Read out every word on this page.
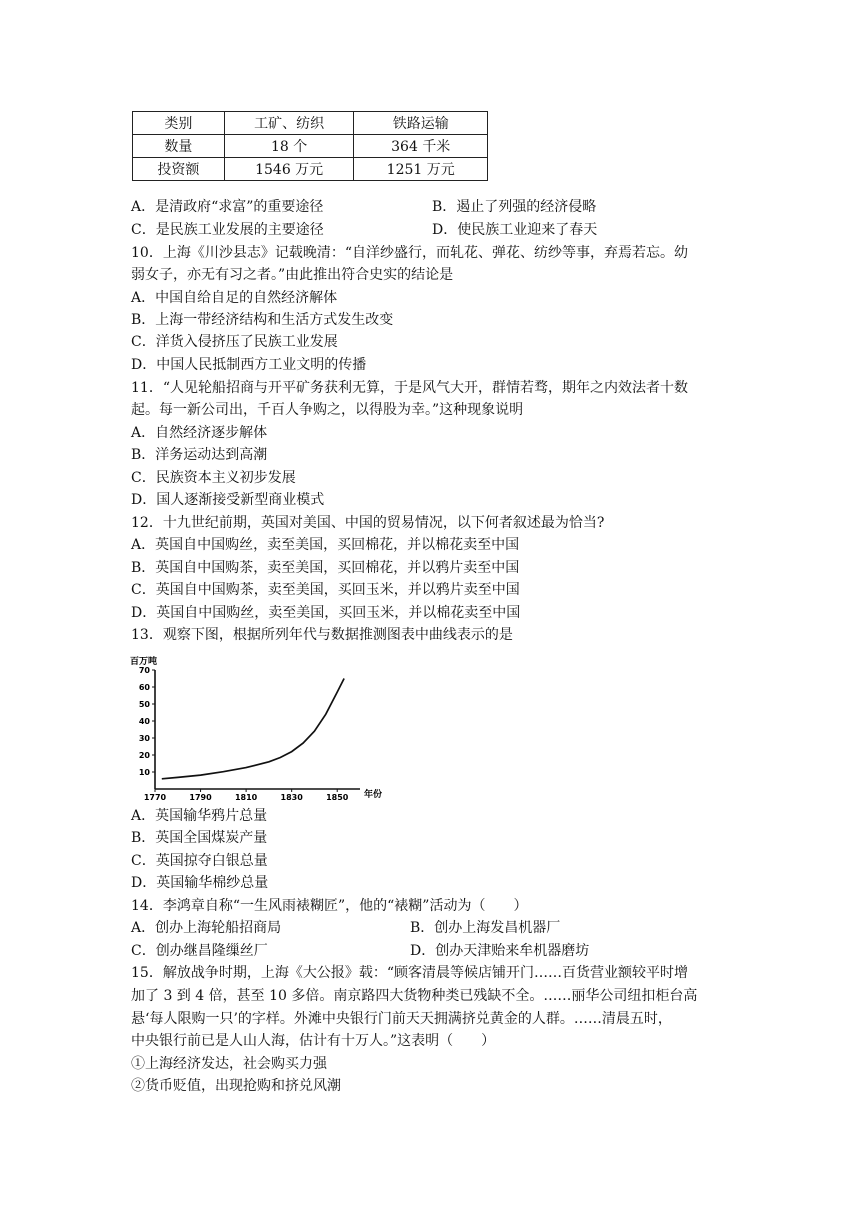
类别	工矿、纺织	铁路运输
数量	18 个	364 千米
投资额	1546 万元	1251 万元
A．是清政府“求富”的重要途径	B．遏止了列强的经济侵略
C．是民族工业发展的主要途径	D．使民族工业迎来了春天
10．上海《川沙县志》记载晚清：“自洋纱盛行，而轧花、弹花、纺纱等事，弃焉若忘。幼
弱女子，亦无有习之者。”由此推出符合史实的结论是
A．中国自给自足的自然经济解体
B．上海一带经济结构和生活方式发生改变
C．洋货入侵挤压了民族工业发展
D．中国人民抵制西方工业文明的传播
11．“人见轮船招商与开平矿务获利无算，于是风气大开，群情若骛，期年之内效法者十数
起。每一新公司出，千百人争购之，以得股为幸。”这种现象说明
A．自然经济逐步解体
B．洋务运动达到高潮
C．民族资本主义初步发展
D．国人逐渐接受新型商业模式
12．十九世纪前期，英国对美国、中国的贸易情况，以下何者叙述最为恰当?
A．英国自中国购丝，卖至美国，买回棉花，并以棉花卖至中国
B．英国自中国购茶，卖至美国，买回棉花，并以鸦片卖至中国
C．英国自中国购茶，卖至美国，买回玉米，并以鸦片卖至中国
D．英国自中国购丝，卖至美国，买回玉米，并以棉花卖至中国
13．观察下图，根据所列年代与数据推测图表中曲线表示的是
百万吨
10
20
30
40
50
60
70
1770	1790	1810	1830	1850 年份
A．英国输华鸦片总量
B．英国全国煤炭产量
C．英国掠夺白银总量
D．英国输华棉纱总量
14．李鸿章自称“一生风雨裱糊匠”，他的“裱糊”活动为（　　）
A．创办上海轮船招商局	B．创办上海发昌机器厂
C．创办继昌隆缫丝厂	D．创办天津贻来牟机器磨坊
15．解放战争时期，上海《大公报》载：“顾客清晨等候店铺开门……百货营业额较平时增
加了 3 到 4 倍，甚至 10 多倍。南京路四大货物种类已残缺不全。……丽华公司纽扣柜台高
悬‘每人限购一只’的字样。外滩中央银行门前天天拥满挤兑黄金的人群。……清晨五时，
中央银行前已是人山人海，估计有十万人。”这表明（　　）
①上海经济发达，社会购买力强
②货币贬值，出现抢购和挤兑风潮
